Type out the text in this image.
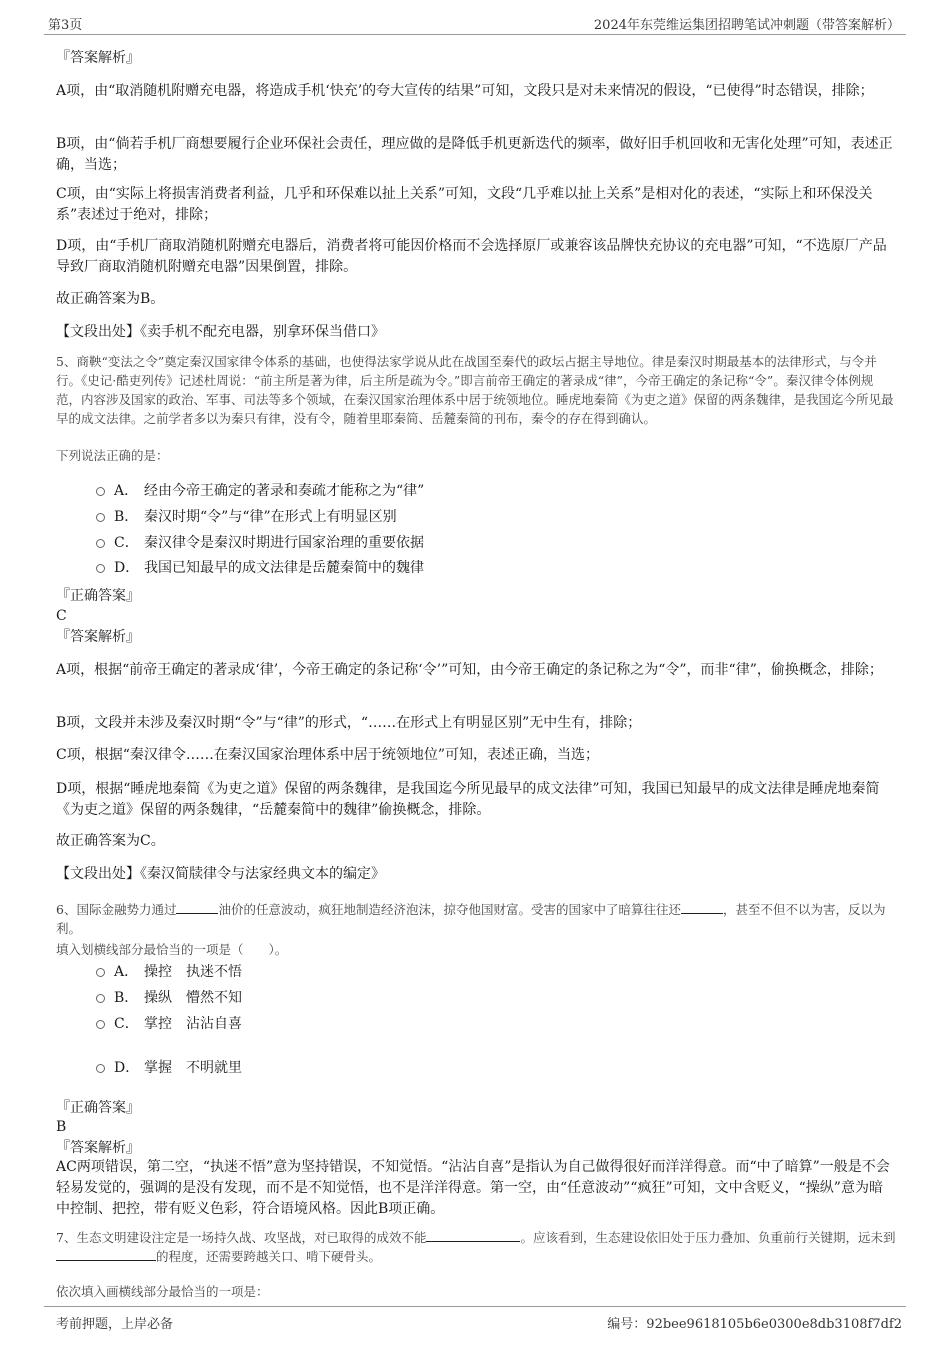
第3页	2024年东莞维运集团招聘笔试冲刺题（带答案解析）
『答案解析』
A项，由“取消随机附赠充电器，将造成手机‘快充’的夸大宣传的结果”可知，文段只是对未来情况的假设，“已使得”时态错误，排除；
B项，由“倘若手机厂商想要履行企业环保社会责任，理应做的是降低手机更新迭代的频率，做好旧手机回收和无害化处理”可知，表述正确，当选；
C项，由“实际上将损害消费者利益，几乎和环保难以扯上关系”可知，文段“几乎难以扯上关系”是相对化的表述，“实际上和环保没关系”表述过于绝对，排除；
D项，由“手机厂商取消随机附赠充电器后，消费者将可能因价格而不会选择原厂或兼容该品牌快充协议的充电器”可知，“不选原厂产品导致厂商取消随机附赠充电器”因果倒置，排除。
故正确答案为B。
【文段出处】《卖手机不配充电器，别拿环保当借口》
5、商鞅“变法之令”奠定秦汉国家律令体系的基础，也使得法家学说从此在战国至秦代的政坛占据主导地位。律是秦汉时期最基本的法律形式，与令并行。《史记·酷吏列传》记述杜周说：“前主所是著为律，后主所是疏为令。”即言前帝王确定的著录成“律”，今帝王确定的条记称“令”。秦汉律令体例规范，内容涉及国家的政治、军事、司法等多个领域，在秦汉国家治理体系中居于统领地位。睡虎地秦简《为吏之道》保留的两条魏律，是我国迄今所见最早的成文法律。之前学者多以为秦只有律，没有令，随着里耶秦简、岳麓秦简的刊布，秦令的存在得到确认。
下列说法正确的是：
A． 经由今帝王确定的著录和奏疏才能称之为“律”
B． 秦汉时期“令”与“律”在形式上有明显区别
C． 秦汉律令是秦汉时期进行国家治理的重要依据
D． 我国已知最早的成文法律是岳麓秦简中的魏律
『正确答案』
C
『答案解析』
A项，根据“前帝王确定的著录成‘律’，今帝王确定的条记称‘令’”可知，由今帝王确定的条记称之为“令”，而非“律”，偷换概念，排除；
B项，文段并未涉及秦汉时期“令”与“律”的形式，“……在形式上有明显区别”无中生有，排除；
C项，根据“秦汉律令……在秦汉国家治理体系中居于统领地位”可知，表述正确，当选；
D项，根据“睡虎地秦简《为吏之道》保留的两条魏律，是我国迄今所见最早的成文法律”可知，我国已知最早的成文法律是睡虎地秦简《为吏之道》保留的两条魏律，“岳麓秦简中的魏律”偷换概念，排除。
故正确答案为C。
【文段出处】《秦汉简牍律令与法家经典文本的编定》
6、国际金融势力通过	油价的任意波动，疯狂地制造经济泡沫，掠夺他国财富。受害的国家中了暗算往往还	，甚至不但不以为害，反以为利。
填入划横线部分最恰当的一项是（　　）。
A． 操控　执迷不悟
B． 操纵　懵然不知
C． 掌控　沾沾自喜
D． 掌握　不明就里
『正确答案』
B
『答案解析』
AC两项错误，第二空，“执迷不悟”意为坚持错误，不知觉悟。“沾沾自喜”是指认为自己做得很好而洋洋得意。而“中了暗算”一般是不会轻易发觉的，强调的是没有发现，而不是不知觉悟，也不是洋洋得意。第一空，由“任意波动”“疯狂”可知，文中含贬义，“操纵”意为暗中控制、把控，带有贬义色彩，符合语境风格。因此B项正确。
7、生态文明建设注定是一场持久战、攻坚战，对已取得的成效不能	。应该看到，生态建设依旧处于压力叠加、负重前行关键期，远未到的程度，还需要跨越关口、啃下硬骨头。
依次填入画横线部分最恰当的一项是：
考前押题，上岸必备	编号：92bee9618105b6e0300e8db3108f7df2
